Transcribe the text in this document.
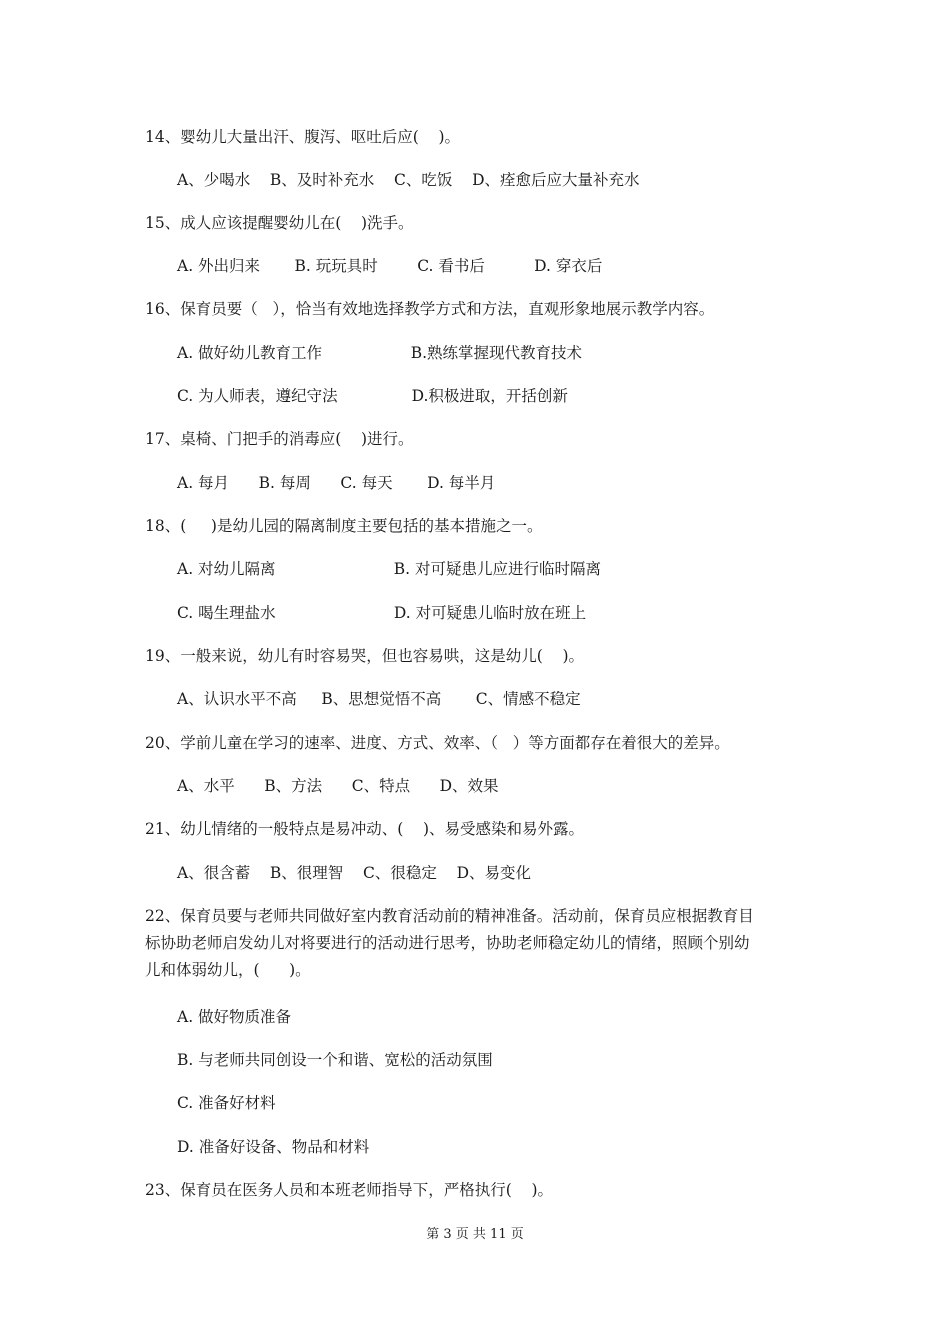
14、婴幼儿大量出汗、腹泻、呕吐后应(    )。
A、少喝水    B、及时补充水    C、吃饭    D、痊愈后应大量补充水
15、成人应该提醒婴幼儿在(    )洗手。
A. 外出归来       B. 玩玩具时        C. 看书后          D. 穿衣后
16、保育员要（   ），恰当有效地选择教学方式和方法，直观形象地展示教学内容。
A. 做好幼儿教育工作                  B.熟练掌握现代教育技术
C. 为人师表，遵纪守法               D.积极进取，开括创新
17、桌椅、门把手的消毒应(    )进行。
A. 每月      B. 每周      C. 每天       D. 每半月
18、(     )是幼儿园的隔离制度主要包括的基本措施之一。
A. 对幼儿隔离                        B. 对可疑患儿应进行临时隔离
C. 喝生理盐水                        D. 对可疑患儿临时放在班上
19、一般来说，幼儿有时容易哭，但也容易哄，这是幼儿(    )。
A、认识水平不高     B、思想觉悟不高       C、情感不稳定
20、学前儿童在学习的速率、进度、方式、效率、（   ）等方面都存在着很大的差异。
A、水平      B、方法      C、特点      D、效果
21、幼儿情绪的一般特点是易冲动、(    )、易受感染和易外露。
A、很含蓄    B、很理智    C、很稳定    D、易变化
22、保育员要与老师共同做好室内教育活动前的精神准备。活动前，保育员应根据教育目
标协助老师启发幼儿对将要进行的活动进行思考，协助老师稳定幼儿的情绪，照顾个别幼
儿和体弱幼儿，(      )。
A. 做好物质准备
B. 与老师共同创设一个和谐、宽松的活动氛围
C. 准备好材料
D. 准备好设备、物品和材料
23、保育员在医务人员和本班老师指导下，严格执行(    )。
第 3 页 共 11 页
